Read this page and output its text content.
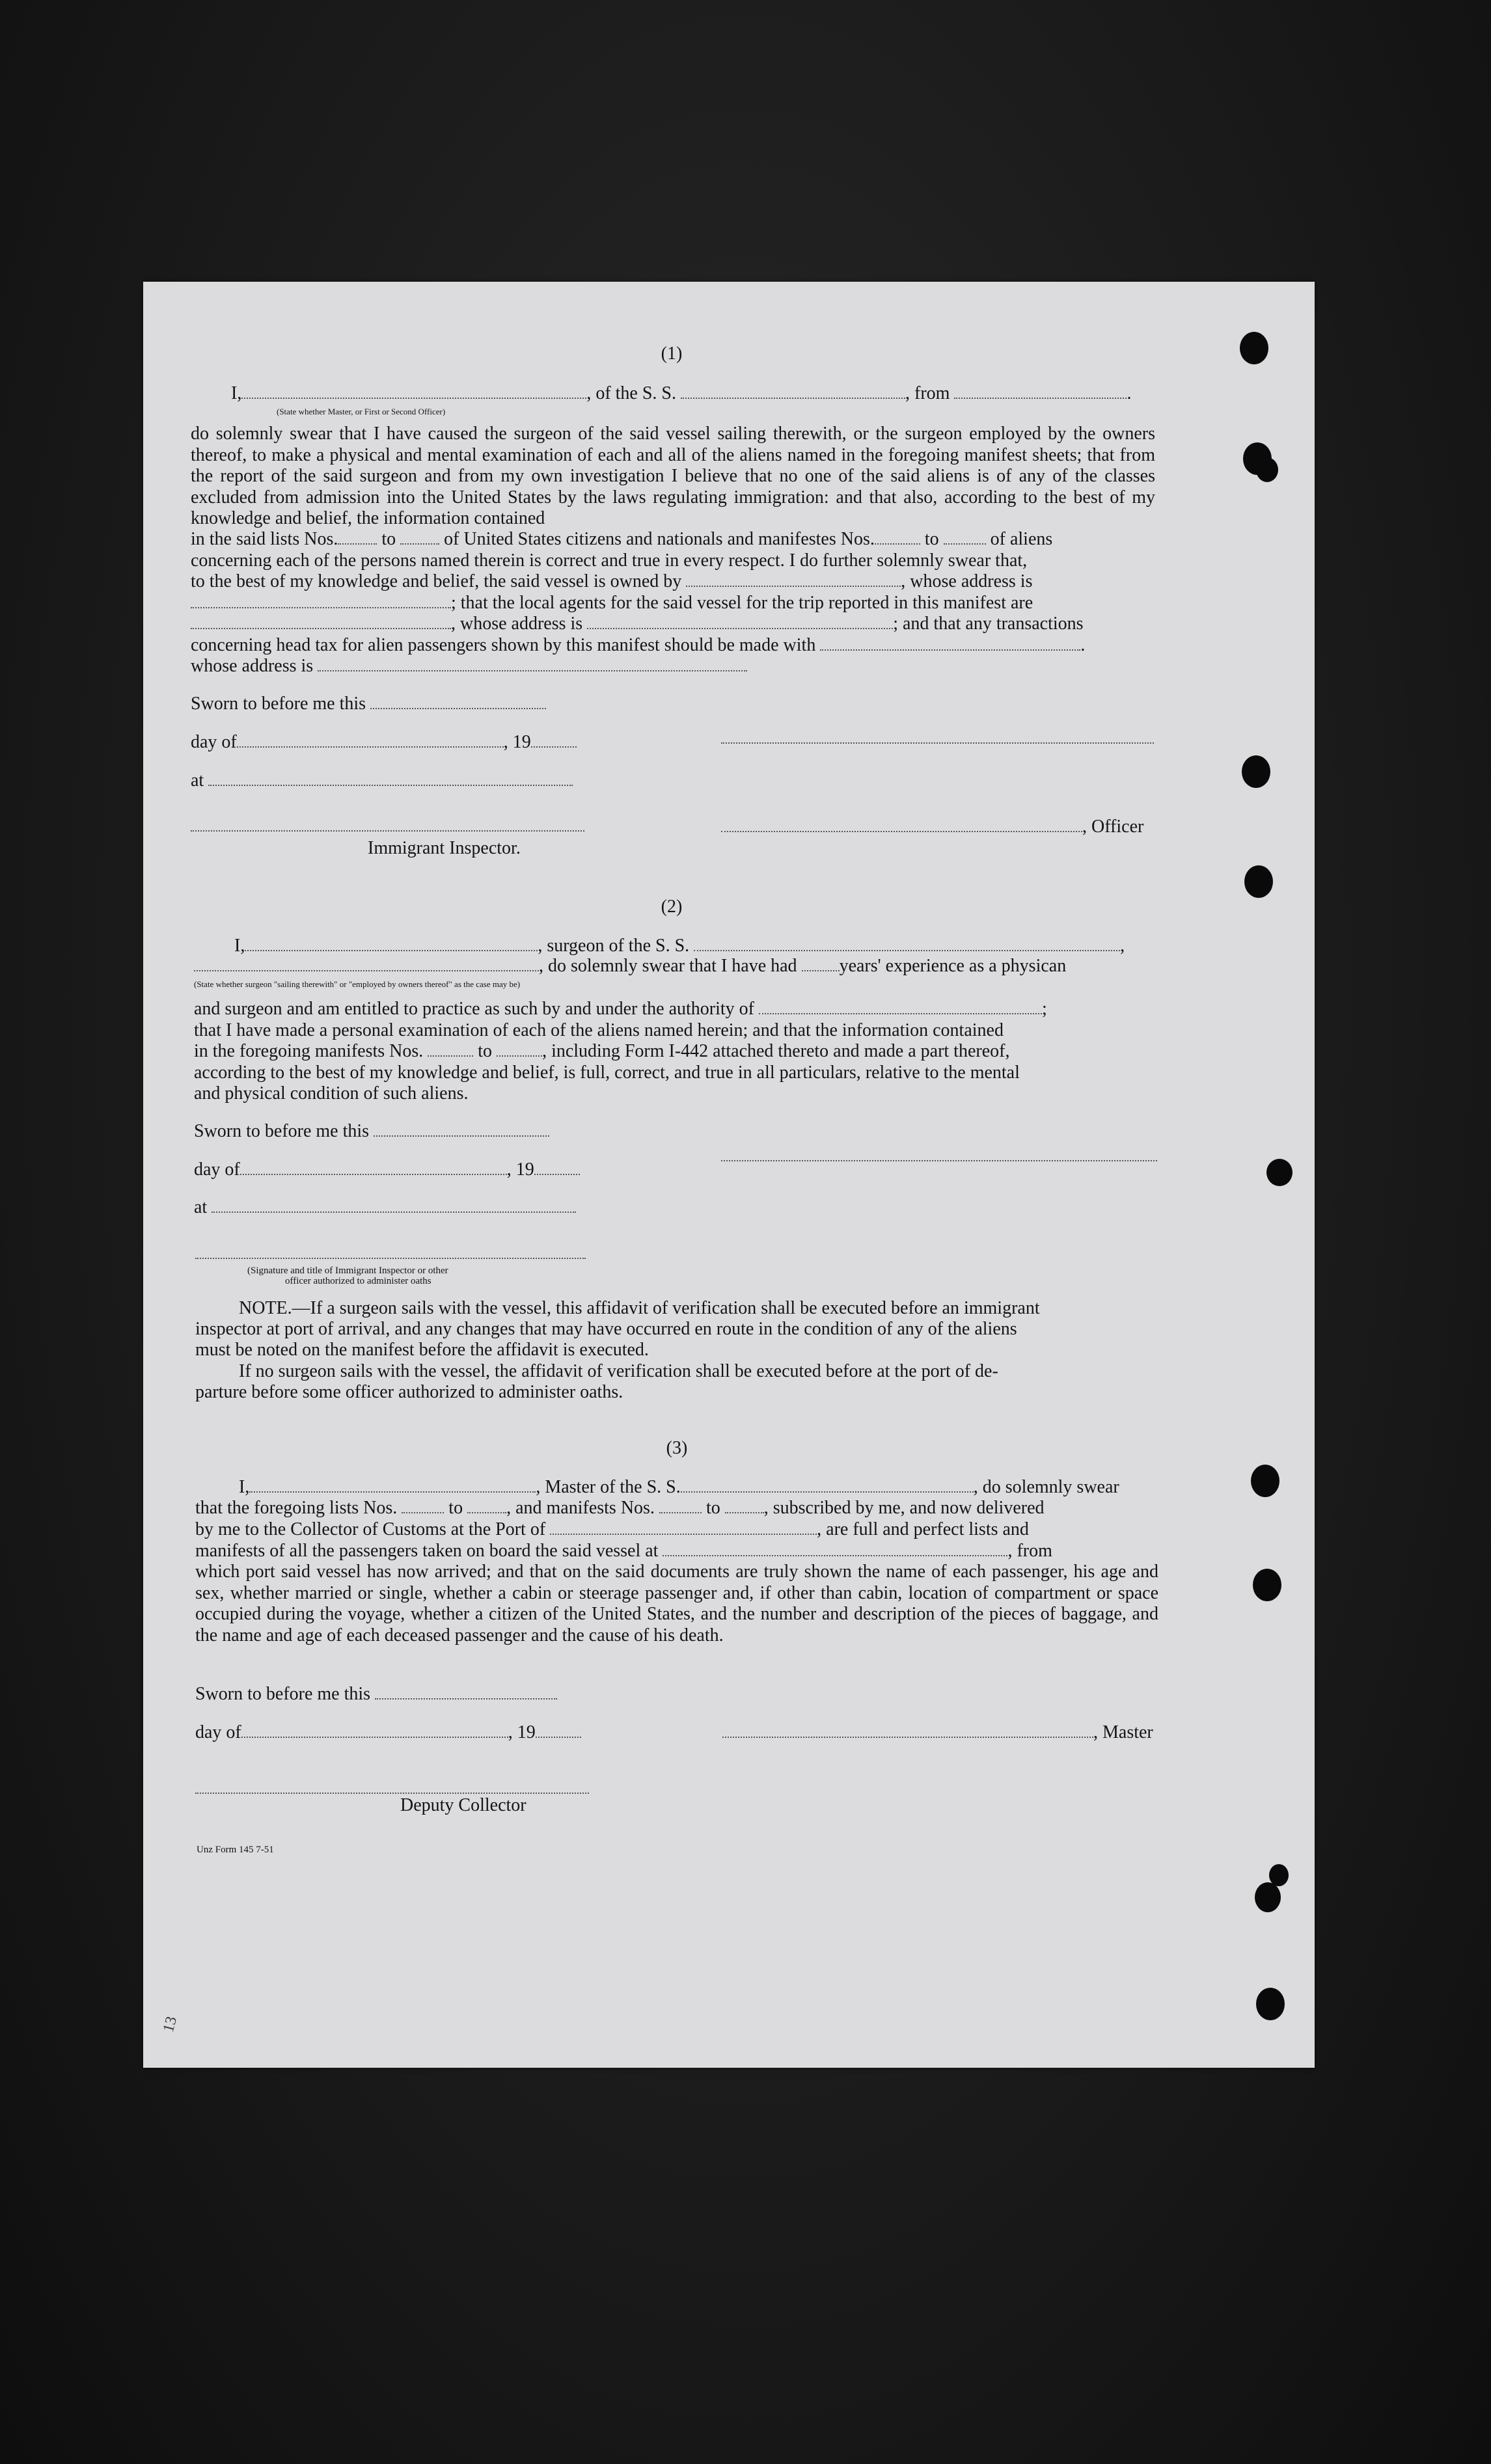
(1)
I,	, of the S. S.	, from	.
(State whether Master, or First or Second Officer)
do solemnly swear that I have caused the surgeon of the said vessel sailing therewith, or the surgeon employed by the owners thereof, to make a physical and mental examination of each and all of the aliens named in the foregoing manifest sheets; that from the report of the said surgeon and from my own investigation I believe that no one of the said aliens is of any of the classes excluded from admission into the United States by the laws regulating immigration: and that also, according to the best of my knowledge and belief, the information contained
in the said lists Nos. to	of United States citizens and nationals and manifestes Nos.	to	of aliens
concerning each of the persons named therein is correct and true in every respect. I do further solemnly swear that,
to the best of my knowledge and belief, the said vessel is owned by	, whose address is
; that the local agents for the said vessel for the trip reported in this manifest are
, whose address is	; and that any transactions
concerning head tax for alien passengers shown by this manifest should be made with	.
whose address is
Sworn to before me this
day of	, 19
at
, Officer
Immigrant Inspector.
(2)
I,	, surgeon of the S. S.	,
, do solemnly swear that I have had years' experience as a physican
(State whether surgeon "sailing therewith" or "employed by owners thereof" as the case may be)
and surgeon and am entitled to practice as such by and under the authority of	;
that I have made a personal examination of each of the aliens named herein; and that the information contained
in the foregoing manifests Nos.	to	, including Form I-442 attached thereto and made a part thereof,
according to the best of my knowledge and belief, is full, correct, and true in all particulars, relative to the mental
and physical condition of such aliens.
Sworn to before me this
day of	, 19
at
(Signature and title of Immigrant Inspector or other
officer authorized to administer oaths
NOTE.—If a surgeon sails with the vessel, this affidavit of verification shall be executed before an immigrant
inspector at port of arrival, and any changes that may have occurred en route in the condition of any of the aliens
must be noted on the manifest before the affidavit is executed.
If no surgeon sails with the vessel, the affidavit of verification shall be executed before at the port of de-
parture before some officer authorized to administer oaths.
(3)
I,	, Master of the S. S.	, do solemnly swear
that the foregoing lists Nos.	to , and manifests Nos.	to , subscribed by me, and now delivered
by me to the Collector of Customs at the Port of	, are full and perfect lists and
manifests of all the passengers taken on board the said vessel at	, from
which port said vessel has now arrived; and that on the said documents are truly shown the name of each passenger, his age and sex, whether married or single, whether a cabin or steerage passenger and, if other than cabin, location of compartment or space occupied during the voyage, whether a citizen of the United States, and the number and description of the pieces of baggage, and the name and age of each deceased passenger and the cause of his death.
Sworn to before me this
day of	, 19	, Master
Deputy Collector
Unz Form 145 7-51
13
